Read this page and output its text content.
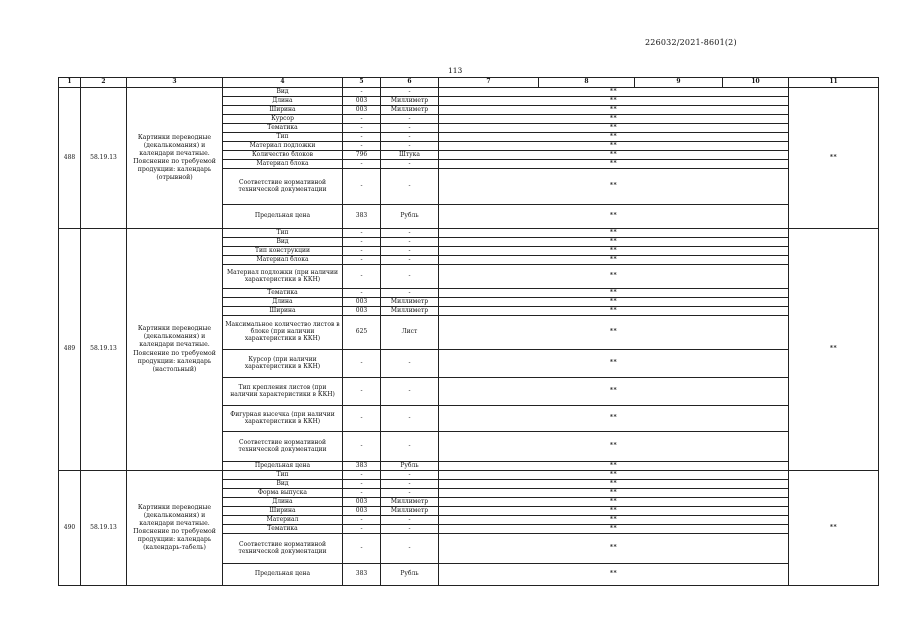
226032/2021-8601(2)
113
1	2	3	4	5	6	7	8	9	10	11
488	58.19.13	Картинки переводные (декалькомания) и календари печатные. Пояснение по требуемой продукции: календарь (отрывной)	Вид	-	-	**				**
			Длина	003	Миллиметр	**				
			Ширина	003	Миллиметр	**				
			Курсор	-	-	**				
			Тематика	-	-	**				
			Тип	-	-	**				
			Материал подложки	-	-	**				
			Количество блоков	796	Штука	**				
			Материал блока	-	-	**				
			Соответствие нормативной технической документации	-	-	**				
			Предельная цена	383	Рубль	**				
489	58.19.13	Картинки переводные (декалькомания) и календари печатные. Пояснение по требуемой продукции: календарь (настольный)	Тип	-	-	**				**
			Вид	-	-	**				
			Тип конструкции	-	-	**				
			Материал блока	-	-	**				
			Материал подложки (при наличии характеристики в ККН)	-	-	**				
			Тематика	-	-	**				
			Длина	003	Миллиметр	**				
			Ширина	003	Миллиметр	**				
			Максимальное количество листов в блоке (при наличии характеристики в ККН)	625	Лист	**				
			Курсор (при наличии характеристики в ККН)	-	-	**				
			Тип крепления листов (при наличии характеристики в ККН)	-	-	**				
			Фигурная высечка (при наличии характеристики в ККН)	-	-	**				
			Соответствие нормативной технической документации	-	-	**				
			Предельная цена	383	Рубль	**				
490	58.19.13	Картинки переводные (декалькомания) и календари печатные. Пояснение по требуемой продукции: календарь (календарь-табель)	Тип	-	-	**				**
			Вид	-	-	**				
			Форма выпуска	-	-	**				
			Длина	003	Миллиметр	**				
			Ширина	003	Миллиметр	**				
			Материал	-	-	**				
			Тематика	-	-	**				
			Соответствие нормативной технической документации	-	-	**				
			Предельная цена	383	Рубль	**				
